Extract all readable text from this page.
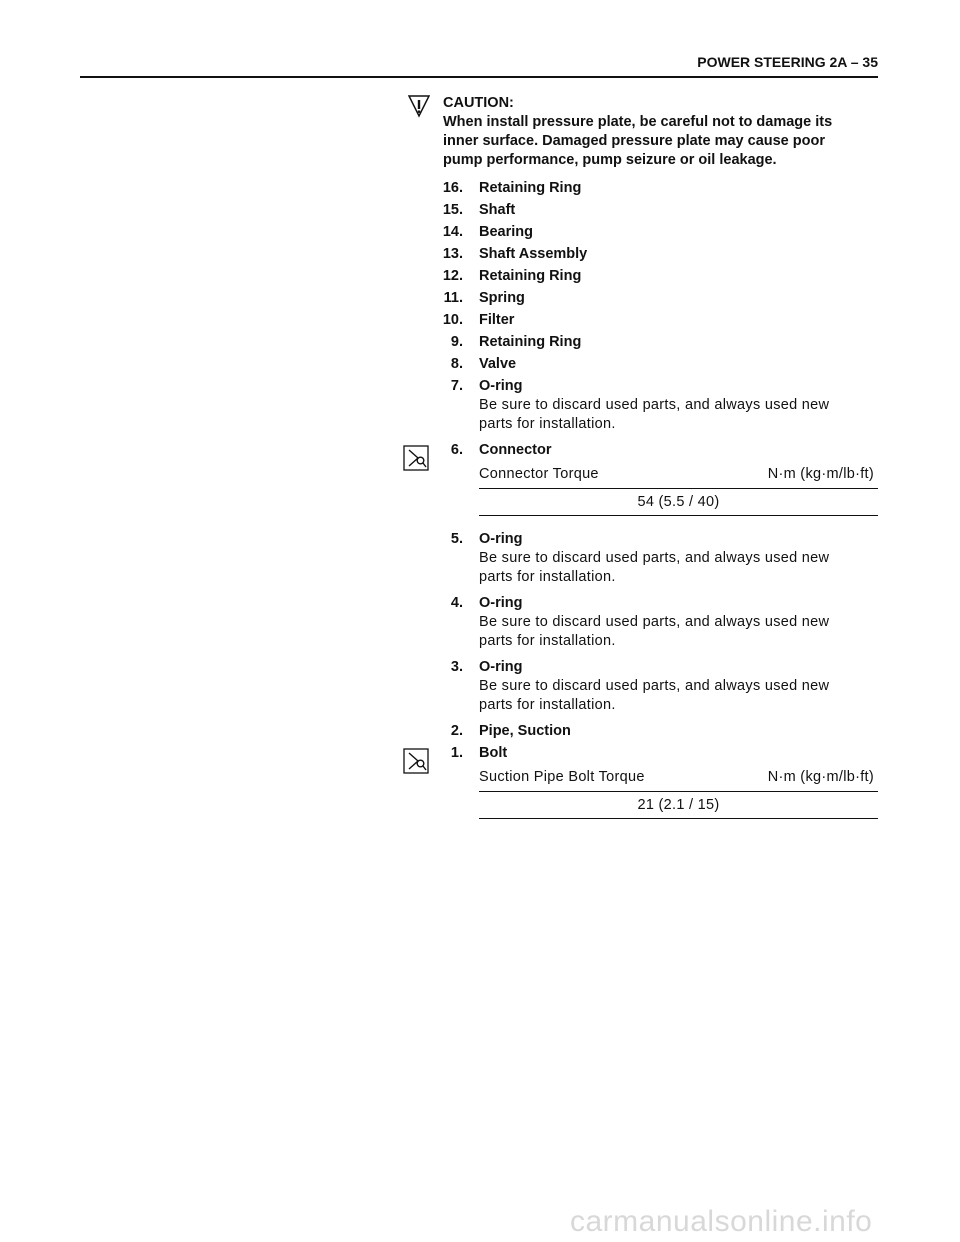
POWER STEERING 2A – 35
CAUTION:
When install pressure plate, be careful not to damage its
inner surface. Damaged pressure plate may cause poor
pump performance, pump seizure or oil leakage.
16. Retaining Ring
15. Shaft
14. Bearing
13. Shaft Assembly
12. Retaining Ring
11. Spring
10. Filter
9. Retaining Ring
8. Valve
7. O-ring
Be sure to discard used parts, and always used new
parts for installation.
6. Connector
Connector Torque	N·m (kg·m/lb·ft)
54 (5.5 / 40)
5. O-ring
Be sure to discard used parts, and always used new
parts for installation.
4. O-ring
Be sure to discard used parts, and always used new
parts for installation.
3. O-ring
Be sure to discard used parts, and always used new
parts for installation.
2. Pipe, Suction
1. Bolt
Suction Pipe Bolt Torque	N·m (kg·m/lb·ft)
21 (2.1 / 15)
carmanualsonline.info
